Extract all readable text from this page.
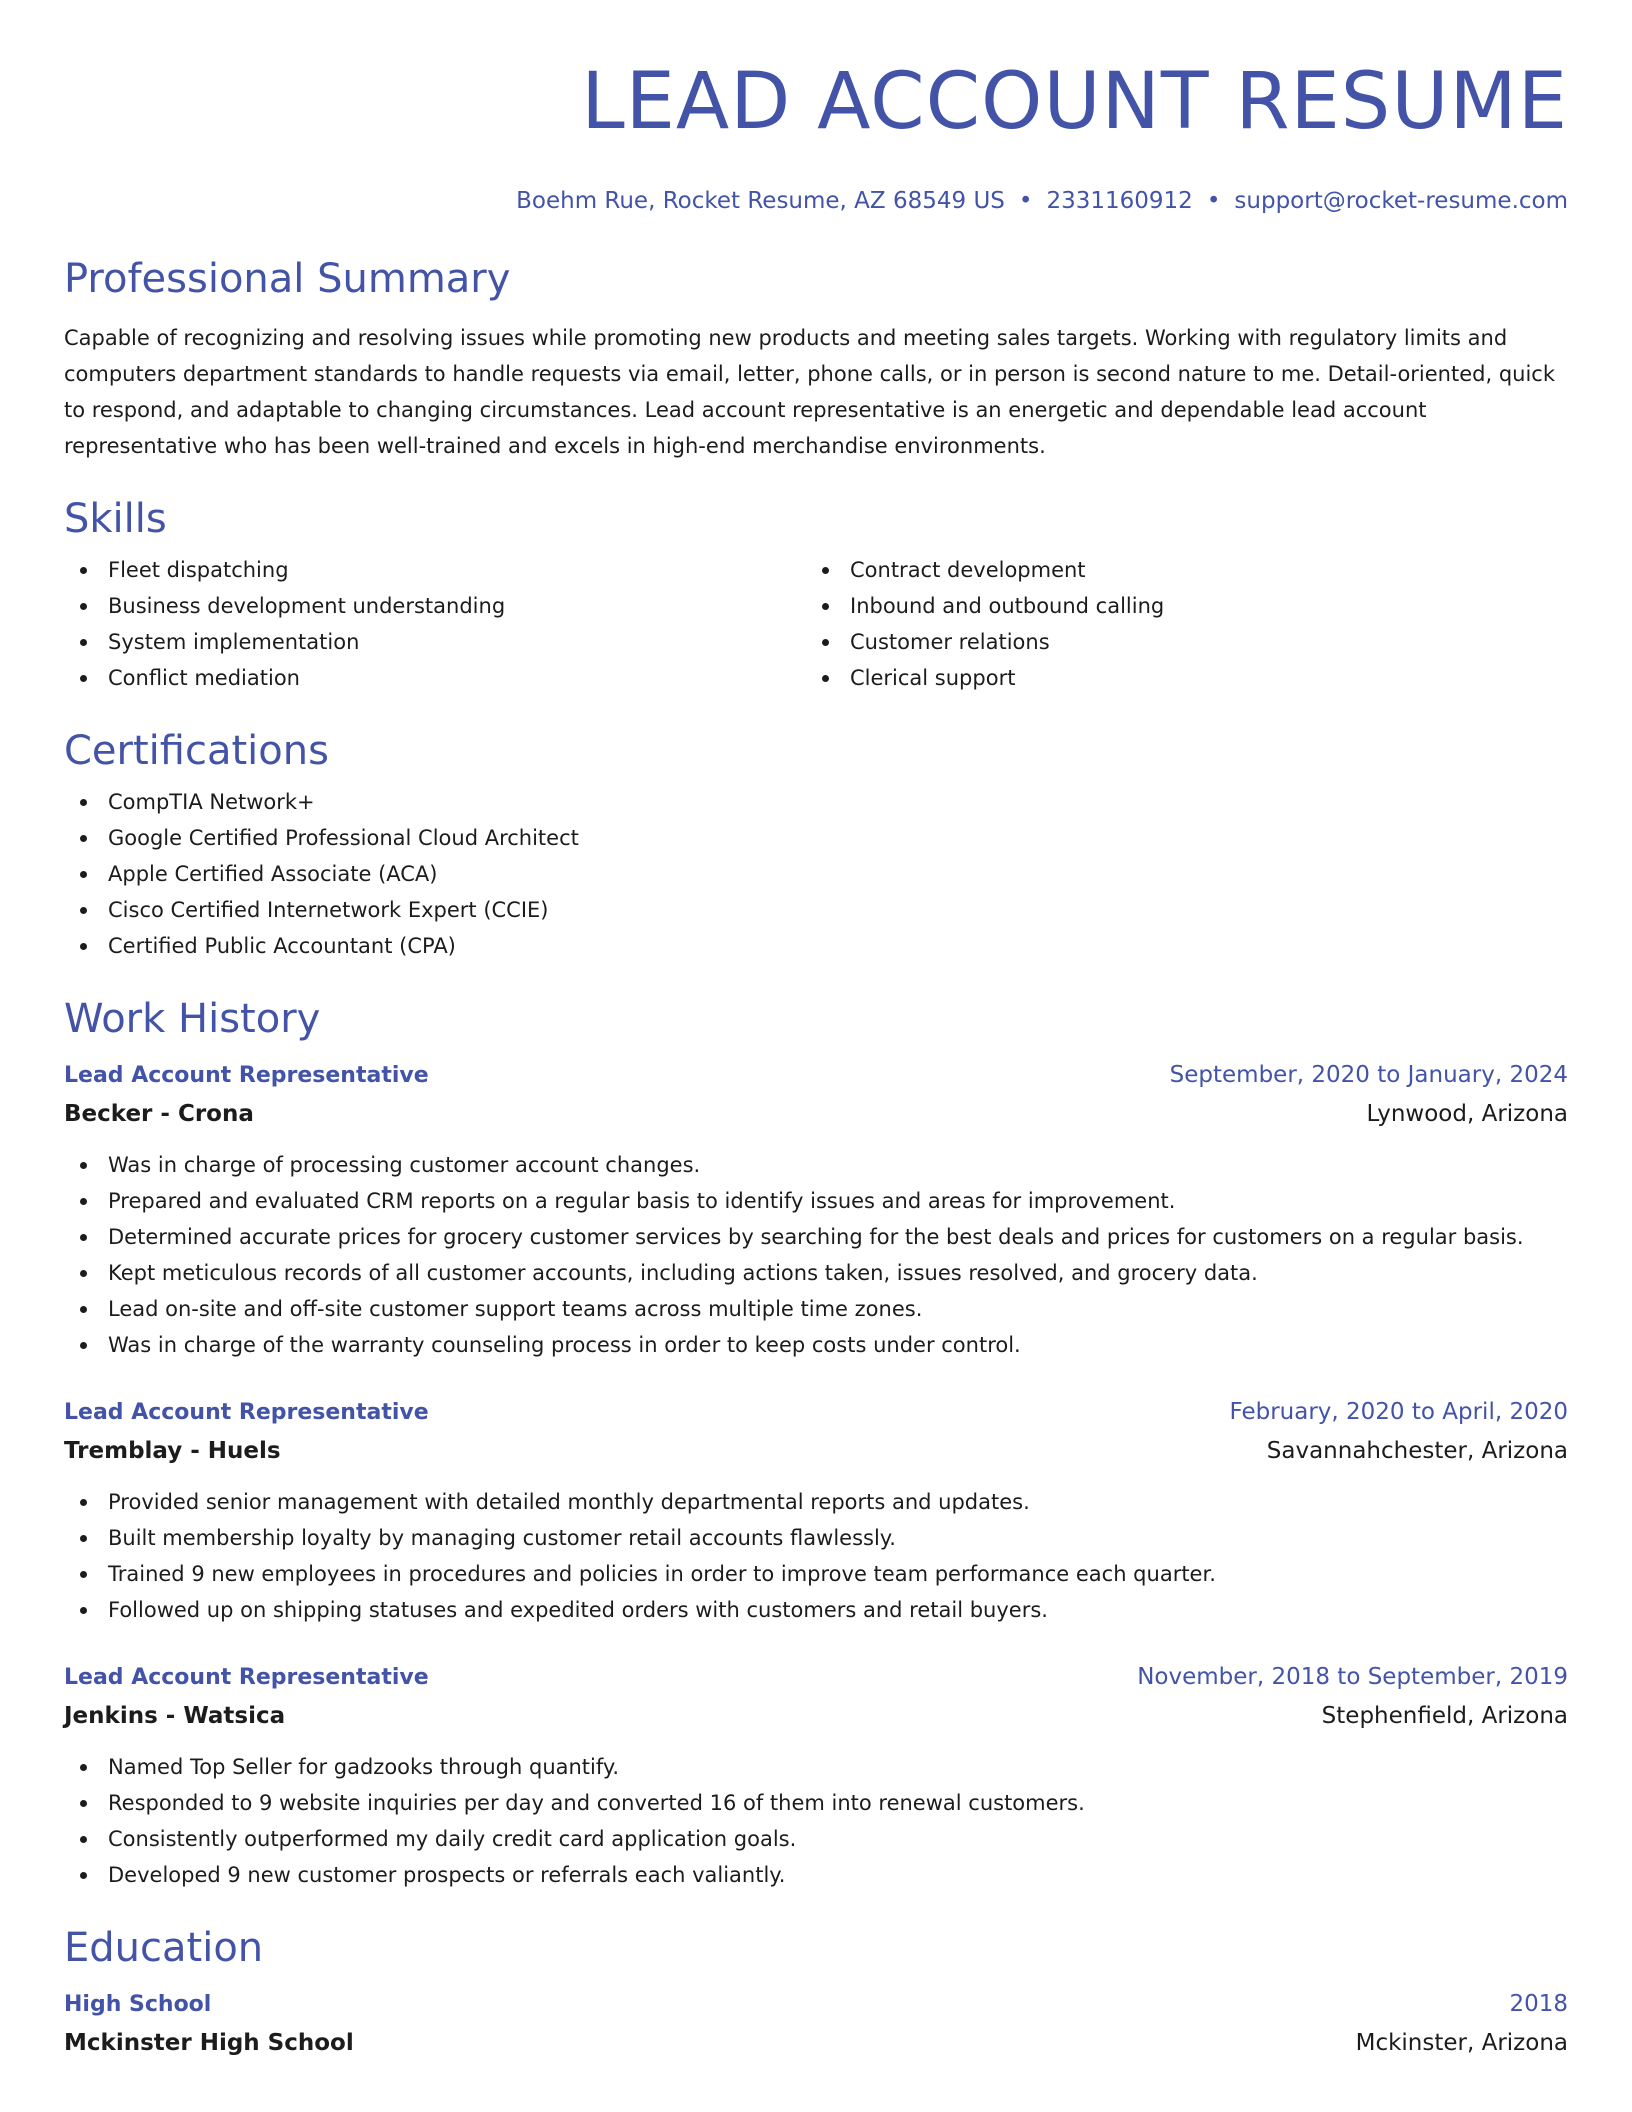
LEAD ACCOUNT RESUME
Boehm Rue, Rocket Resume, AZ 68549 US • 2331160912 • support@rocket-resume.com
Professional Summary

Capable of recognizing and resolving issues while promoting new products and meeting sales targets. Working with regulatory limits and computers department standards to handle requests via email, letter, phone calls, or in person is second nature to me. Detail-oriented, quick to respond, and adaptable to changing circumstances. Lead account representative is an energetic and dependable lead account representative who has been well-trained and excels in high-end merchandise environments.

Skills
Fleet dispatching
Business development understanding
System implementation
Conflict mediation
Contract development
Inbound and outbound calling
Customer relations
Clerical support
Certifications
CompTIA Network+
Google Certified Professional Cloud Architect
Apple Certified Associate (ACA)
Cisco Certified Internetwork Expert (CCIE)
Certified Public Accountant (CPA)
Work History
Lead Account Representative	September, 2020 to January, 2024
Becker - Crona	Lynwood, Arizona
Was in charge of processing customer account changes.
Prepared and evaluated CRM reports on a regular basis to identify issues and areas for improvement.
Determined accurate prices for grocery customer services by searching for the best deals and prices for customers on a regular basis.
Kept meticulous records of all customer accounts, including actions taken, issues resolved, and grocery data.
Lead on-site and off-site customer support teams across multiple time zones.
Was in charge of the warranty counseling process in order to keep costs under control.
Lead Account Representative	February, 2020 to April, 2020
Tremblay - Huels	Savannahchester, Arizona
Provided senior management with detailed monthly departmental reports and updates.
Built membership loyalty by managing customer retail accounts flawlessly.
Trained 9 new employees in procedures and policies in order to improve team performance each quarter.
Followed up on shipping statuses and expedited orders with customers and retail buyers.
Lead Account Representative	November, 2018 to September, 2019
Jenkins - Watsica	Stephenfield, Arizona
Named Top Seller for gadzooks through quantify.
Responded to 9 website inquiries per day and converted 16 of them into renewal customers.
Consistently outperformed my daily credit card application goals.
Developed 9 new customer prospects or referrals each valiantly.
Education
High School	2018
Mckinster High School	Mckinster, Arizona
